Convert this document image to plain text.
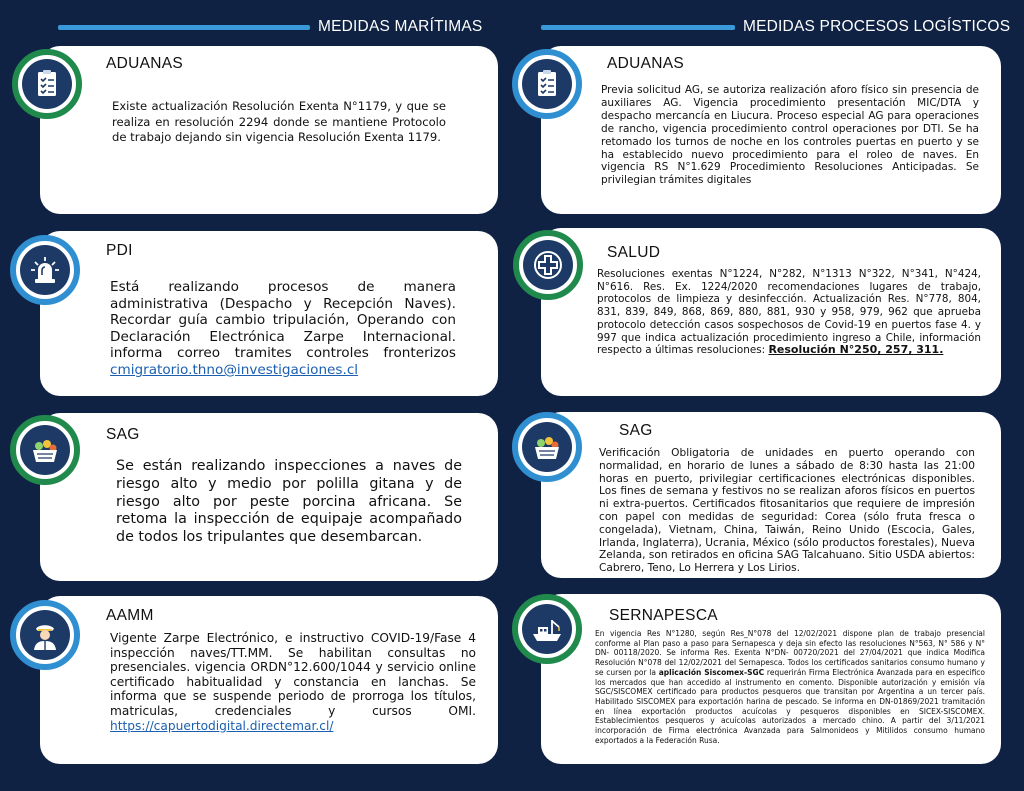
MEDIDAS MARÍTIMAS	MEDIDAS PROCESOS LOGÍSTICOS
ADUANAS

Existe actualización Resolución Exenta N°1179, y que se realiza en resolución 2294 donde se mantiene Protocolo de trabajo dejando sin vigencia Resolución Exenta 1179.

PDI

Está realizando procesos de manera administrativa (Despacho y Recepción Naves). Recordar guía cambio tripulación, Operando con Declaración Electrónica Zarpe Internacional. informa correo tramites controles fronterizos cmigratorio.thno@investigaciones.cl

SAG

Se están realizando inspecciones a naves de riesgo alto y medio por polilla gitana y de riesgo alto por peste porcina africana. Se retoma la inspección de equipaje acompañado de todos los tripulantes que desembarcan.

AAMM

Vigente Zarpe Electrónico, e instructivo COVID-19/Fase 4 inspección naves/TT.MM. Se habilitan consultas no presenciales. vigencia ORDN°12.600/1044 y servicio online certificado habitualidad y constancia en lanchas. Se informa que se suspende periodo de prorroga los títulos, matriculas, credenciales y cursos OMI. https://capuertodigital.directemar.cl/

ADUANAS

Previa solicitud AG, se autoriza realización aforo físico sin presencia de auxiliares AG. Vigencia procedimiento presentación MIC/DTA y despacho mercancía en Liucura. Proceso especial AG para operaciones de rancho, vigencia procedimiento control operaciones por DTI. Se ha retomado los turnos de noche en los controles puertas en puerto y se ha establecido nuevo procedimiento para el roleo de naves. En vigencia RS N°1.629 Procedimiento Resoluciones Anticipadas. Se privilegian trámites digitales

SALUD

Resoluciones exentas N°1224, N°282, N°1313 N°322, N°341, N°424, N°616. Res. Ex. 1224/2020 recomendaciones lugares de trabajo, protocolos de limpieza y desinfección. Actualización Res. N°778, 804, 831, 839, 849, 868, 869, 880, 881, 930 y 958, 979, 962 que aprueba protocolo detección casos sospechosos de Covid-19 en puertos fase 4. y 997 que indica actualización procedimiento ingreso a Chile, información respecto a últimas resoluciones: Resolución N°250, 257, 311.

SAG

Verificación Obligatoria de unidades en puerto operando con normalidad, en horario de lunes a sábado de 8:30 hasta las 21:00 horas en puerto, privilegiar certificaciones electrónicas disponibles. Los fines de semana y festivos no se realizan aforos físicos en puertos ni extra-puertos. Certificados fitosanitarios que requiere de impresión con papel con medidas de seguridad: Corea (sólo fruta fresca o congelada), Vietnam, China, Taiwán, Reino Unido (Escocia, Gales, Irlanda, Inglaterra), Ucrania, México (sólo productos forestales), Nueva Zelanda, son retirados en oficina SAG Talcahuano. Sitio USDA abiertos: Cabrero, Teno, Lo Herrera y Los Lirios.

SERNAPESCA

En vigencia Res N°1280, según Res_N°078 del 12/02/2021 dispone plan de trabajo presencial conforme al Plan paso a paso para Sernapesca y deja sin efecto las resoluciones N°563, N° 586 y N° DN- 00118/2020. Se informa Res. Exenta N°DN- 00720/2021 del 27/04/2021 que indica Modifica Resolución N°078 del 12/02/2021 del Sernapesca. Todos los certificados sanitarios consumo humano y se cursen por la aplicación Siscomex-SGC requerirán Firma Electrónica Avanzada para en especifico los mercados que han accedido al instrumento en comento. Disponible autorización y emisión vía SGC/SISCOMEX certificado para productos pesqueros que transitan por Argentina a un tercer país. Habilitado SISCOMEX para exportación harina de pescado. Se informa en DN-01869/2021 tramitación en línea exportación productos acuícolas y pesqueros disponibles en SICEX-SISCOMEX. Establecimientos pesqueros y acuícolas autorizados a mercado chino. A partir del 3/11/2021 incorporación de Firma electrónica Avanzada para Salmonideos y Mitilidos consumo humano exportados a la Federación Rusa.
